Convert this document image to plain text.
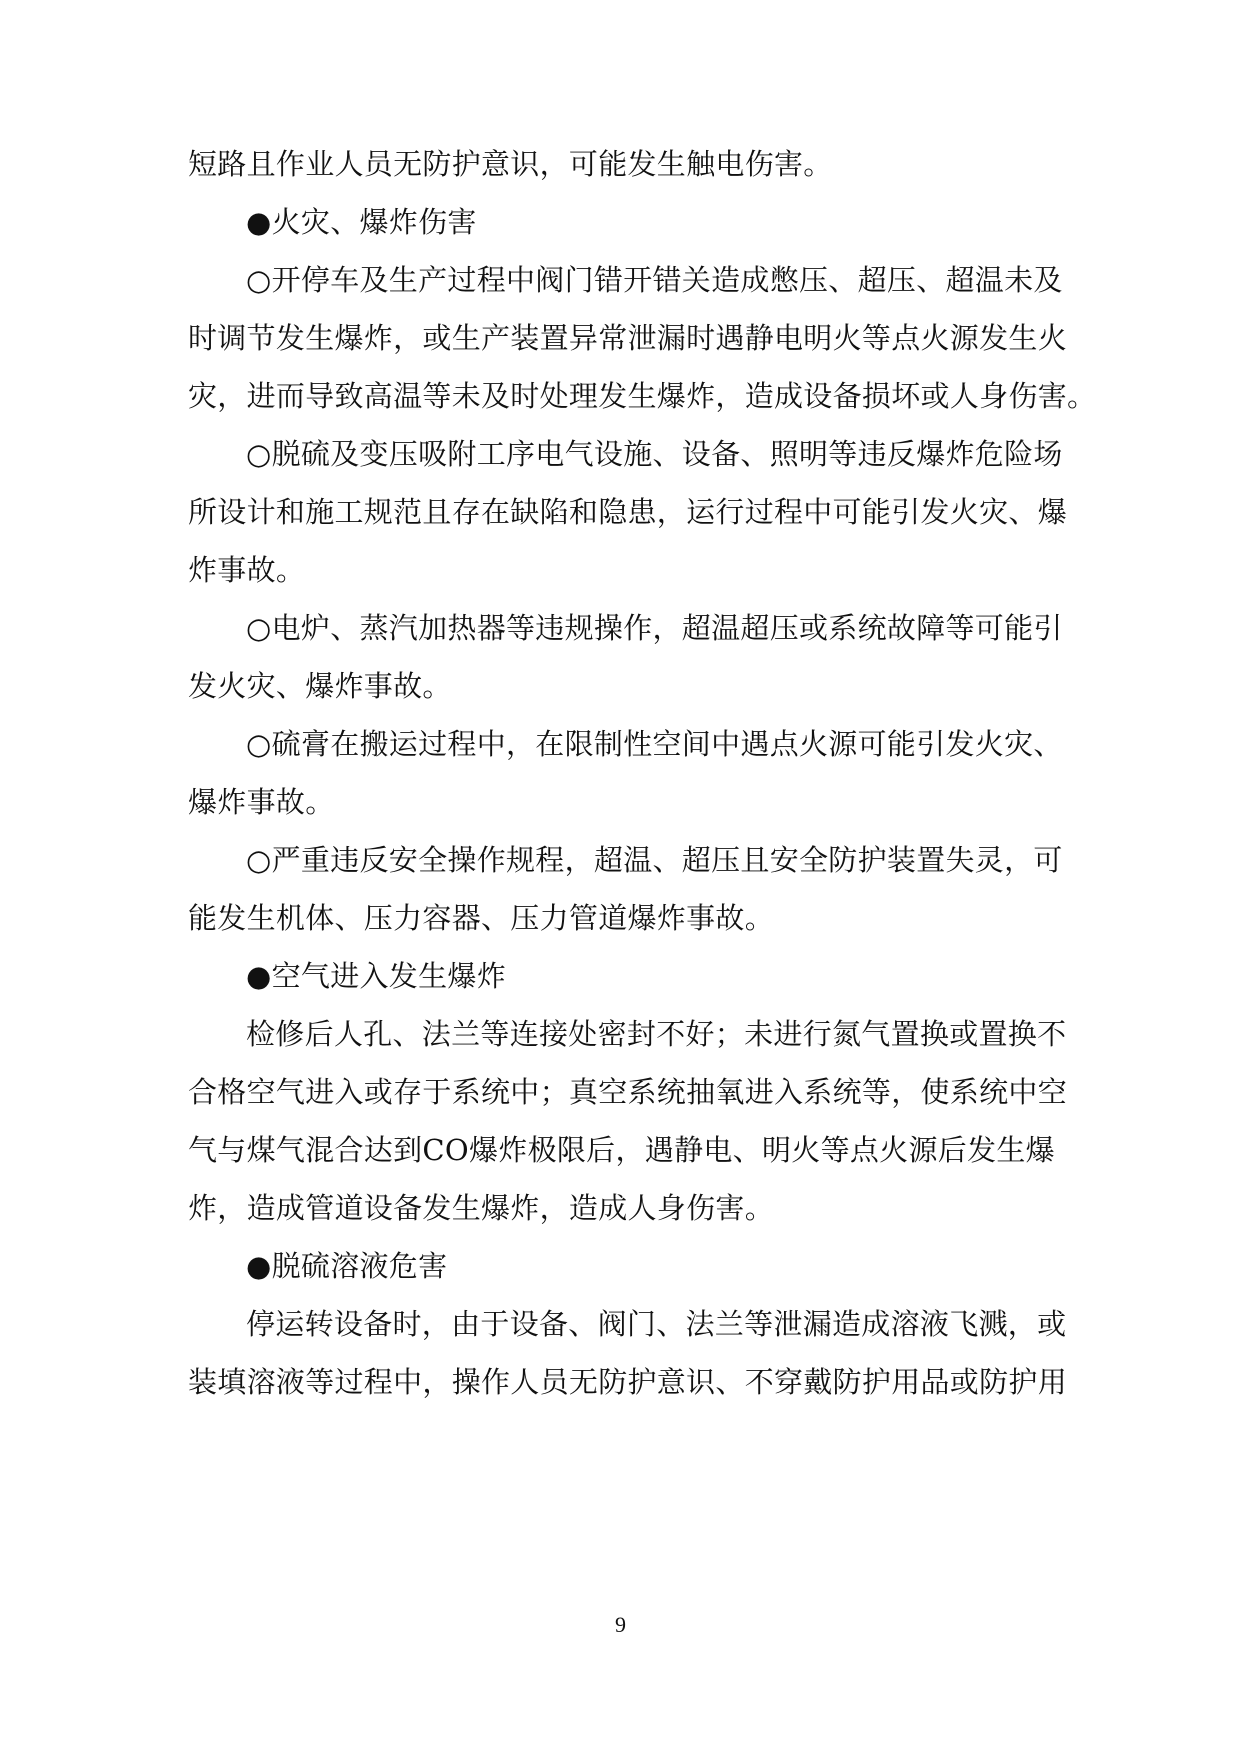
短路且作业人员无防护意识，可能发生触电伤害。
●火灾、爆炸伤害
○开停车及生产过程中阀门错开错关造成憋压、超压、超温未及
时调节发生爆炸，或生产装置异常泄漏时遇静电明火等点火源发生火
灾，进而导致高温等未及时处理发生爆炸，造成设备损坏或人身伤害。
○脱硫及变压吸附工序电气设施、设备、照明等违反爆炸危险场
所设计和施工规范且存在缺陷和隐患，运行过程中可能引发火灾、爆
炸事故。
○电炉、蒸汽加热器等违规操作，超温超压或系统故障等可能引
发火灾、爆炸事故。
○硫膏在搬运过程中，在限制性空间中遇点火源可能引发火灾、
爆炸事故。
○严重违反安全操作规程，超温、超压且安全防护装置失灵，可
能发生机体、压力容器、压力管道爆炸事故。
●空气进入发生爆炸
检修后人孔、法兰等连接处密封不好；未进行氮气置换或置换不
合格空气进入或存于系统中；真空系统抽氧进入系统等，使系统中空
气与煤气混合达到CO爆炸极限后，遇静电、明火等点火源后发生爆
炸，造成管道设备发生爆炸，造成人身伤害。
●脱硫溶液危害
停运转设备时，由于设备、阀门、法兰等泄漏造成溶液飞溅，或
装填溶液等过程中，操作人员无防护意识、不穿戴防护用品或防护用
9
